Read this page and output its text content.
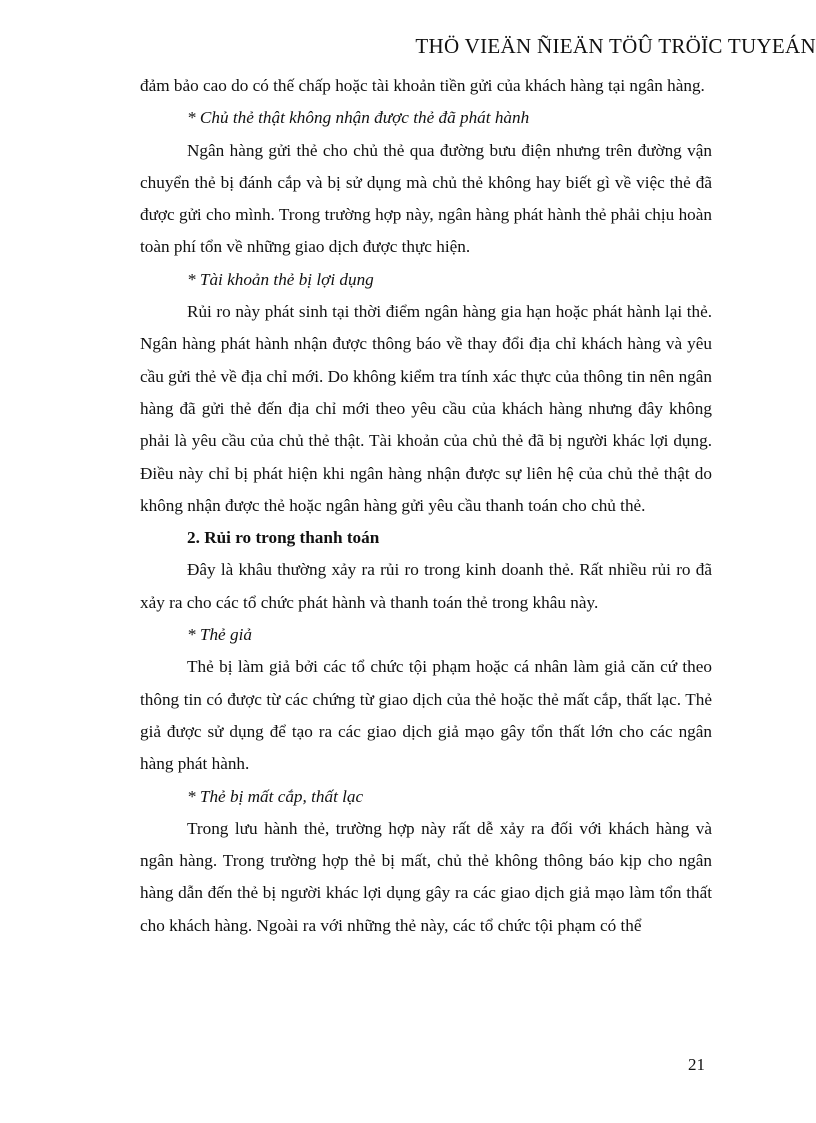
THÖ VIEÄN ÑIEÄN TÖÛ TRÖÏC TUYEÁN

đảm bảo cao do có thế chấp hoặc tài khoản tiền gửi của khách hàng tại ngân hàng.

* Chủ thẻ thật không nhận được thẻ đã phát hành

Ngân hàng gửi thẻ cho chủ thẻ qua đường bưu điện nhưng trên đường vận chuyển thẻ bị đánh cắp và bị sử dụng mà chủ thẻ không hay biết gì về việc thẻ đã được gửi cho mình. Trong trường hợp này, ngân hàng phát hành thẻ phải chịu hoàn toàn phí tổn về những giao dịch được thực hiện.

* Tài khoản thẻ bị lợi dụng

Rủi ro này phát sinh tại thời điểm ngân hàng gia hạn hoặc phát hành lại thẻ. Ngân hàng phát hành nhận được thông báo về thay đổi địa chỉ khách hàng và yêu cầu gửi thẻ về địa chỉ mới. Do không kiểm tra tính xác thực của thông tin nên ngân hàng đã gửi thẻ đến địa chỉ mới theo yêu cầu của khách hàng nhưng đây không phải là yêu cầu của chủ thẻ thật. Tài khoản của chủ thẻ đã bị người khác lợi dụng. Điều này chỉ bị phát hiện khi ngân hàng nhận được sự liên hệ của chủ thẻ thật do không nhận được thẻ hoặc ngân hàng gửi yêu cầu thanh toán cho chủ thẻ.

2. Rủi ro trong thanh toán

Đây là khâu thường xảy ra rủi ro trong kinh doanh thẻ. Rất nhiều rủi ro đã xảy ra cho các tổ chức phát hành và thanh toán thẻ trong khâu này.

* Thẻ giả

Thẻ bị làm giả bởi các tổ chức tội phạm hoặc cá nhân làm giả căn cứ theo thông tin có được từ các chứng từ giao dịch của thẻ hoặc thẻ mất cắp, thất lạc. Thẻ giả được sử dụng để tạo ra các giao dịch giả mạo gây tổn thất lớn cho các ngân hàng phát hành.

* Thẻ bị mất cắp, thất lạc

Trong lưu hành thẻ, trường hợp này rất dễ xảy ra đối với khách hàng và ngân hàng. Trong trường hợp thẻ bị mất, chủ thẻ không thông báo kịp cho ngân hàng dẫn đến thẻ bị người khác lợi dụng gây ra các giao dịch giả mạo làm tổn thất cho khách hàng. Ngoài ra với những thẻ này, các tổ chức tội phạm có thể

21
